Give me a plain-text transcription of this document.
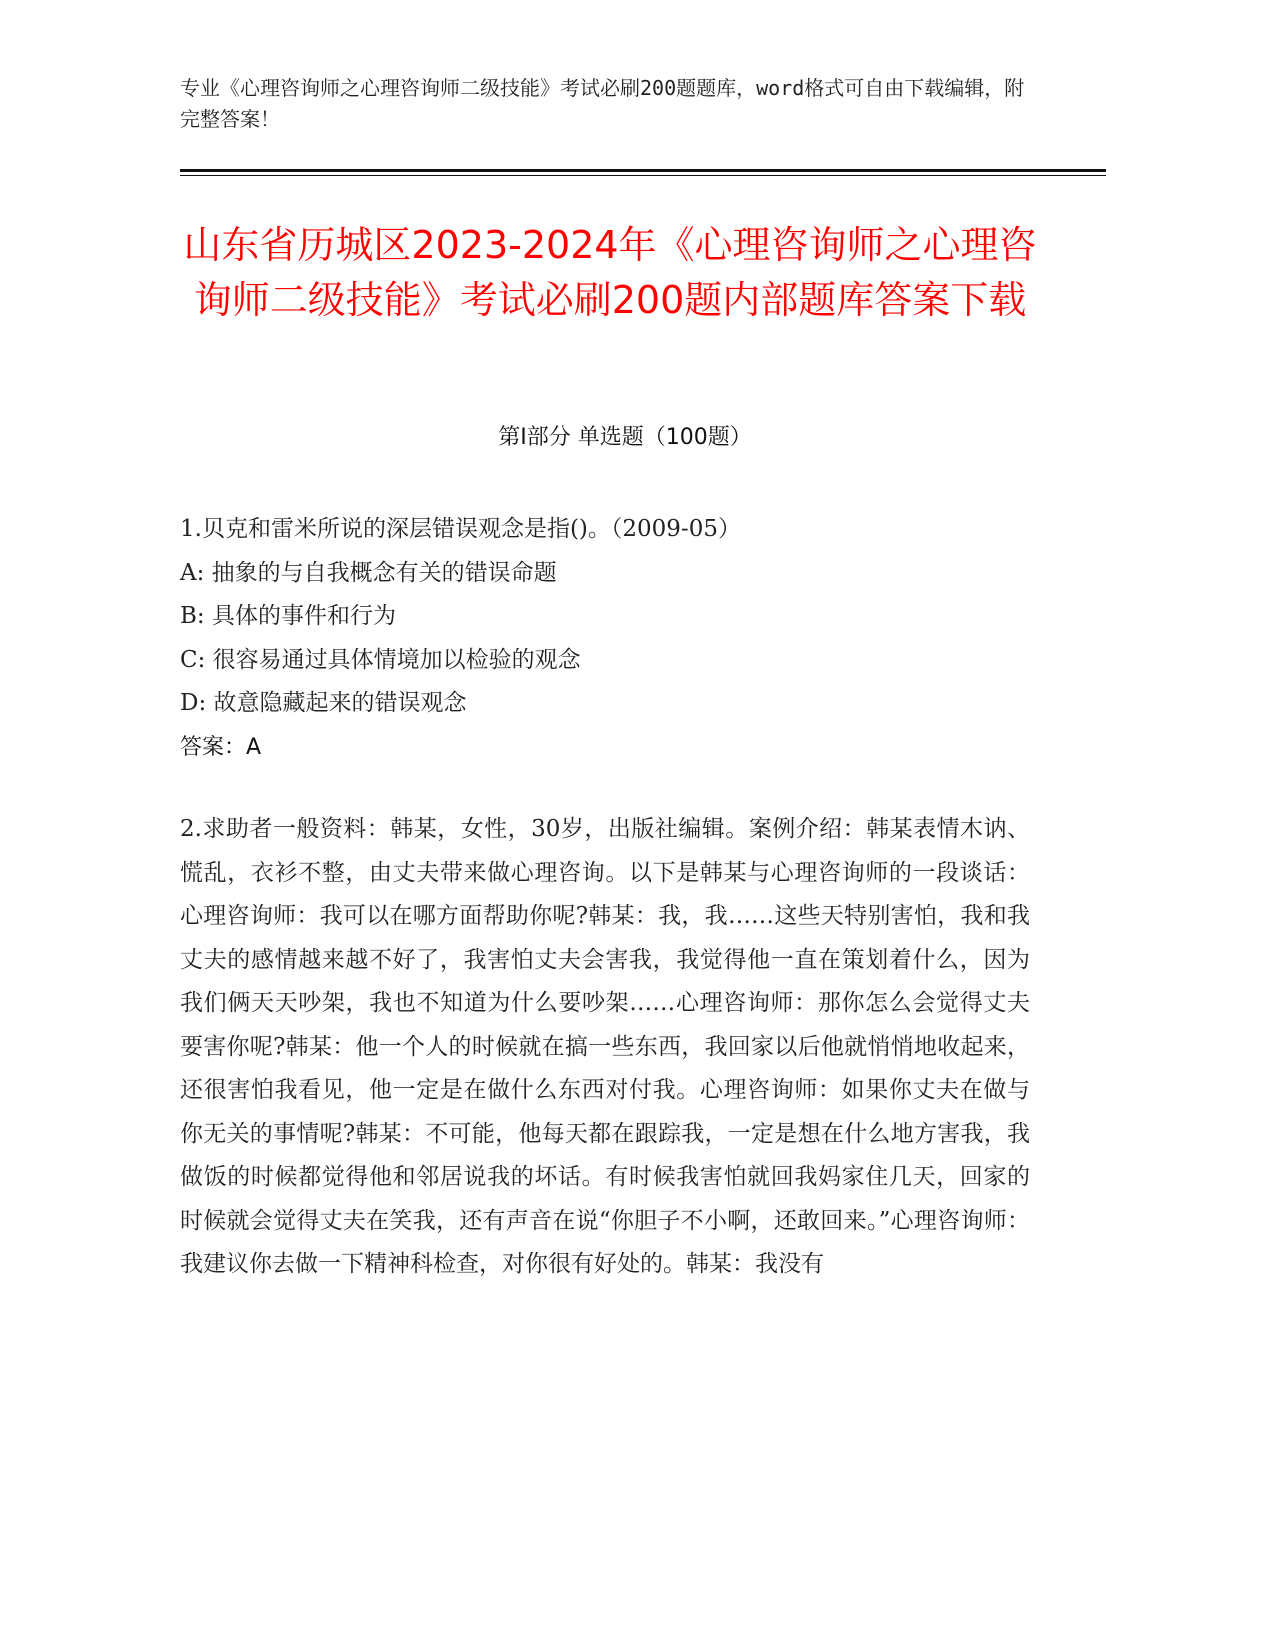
专业《心理咨询师之心理咨询师二级技能》考试必刷200题题库，word格式可自由下载编辑，附完整答案！
山东省历城区2023-2024年《心理咨询师之心理咨询师二级技能》考试必刷200题内部题库答案下载
第I部分 单选题（100题）
1.贝克和雷米所说的深层错误观念是指()。（2009-05）
A: 抽象的与自我概念有关的错误命题
B: 具体的事件和行为
C: 很容易通过具体情境加以检验的观念
D: 故意隐藏起来的错误观念
答案：A
2.求助者一般资料：韩某，女性，30岁，出版社编辑。案例介绍：韩某表情木讷、慌乱，衣衫不整，由丈夫带来做心理咨询。以下是韩某与心理咨询师的一段谈话：心理咨询师：我可以在哪方面帮助你呢?韩某：我，我……这些天特别害怕，我和我丈夫的感情越来越不好了，我害怕丈夫会害我，我觉得他一直在策划着什么，因为我们俩天天吵架，我也不知道为什么要吵架……心理咨询师：那你怎么会觉得丈夫要害你呢?韩某：他一个人的时候就在搞一些东西，我回家以后他就悄悄地收起来，还很害怕我看见，他一定是在做什么东西对付我。心理咨询师：如果你丈夫在做与你无关的事情呢?韩某：不可能，他每天都在跟踪我，一定是想在什么地方害我，我做饭的时候都觉得他和邻居说我的坏话。有时候我害怕就回我妈家住几天，回家的时候就会觉得丈夫在笑我，还有声音在说“你胆子不小啊，还敢回来。”心理咨询师：我建议你去做一下精神科检查，对你很有好处的。韩某：我没有
